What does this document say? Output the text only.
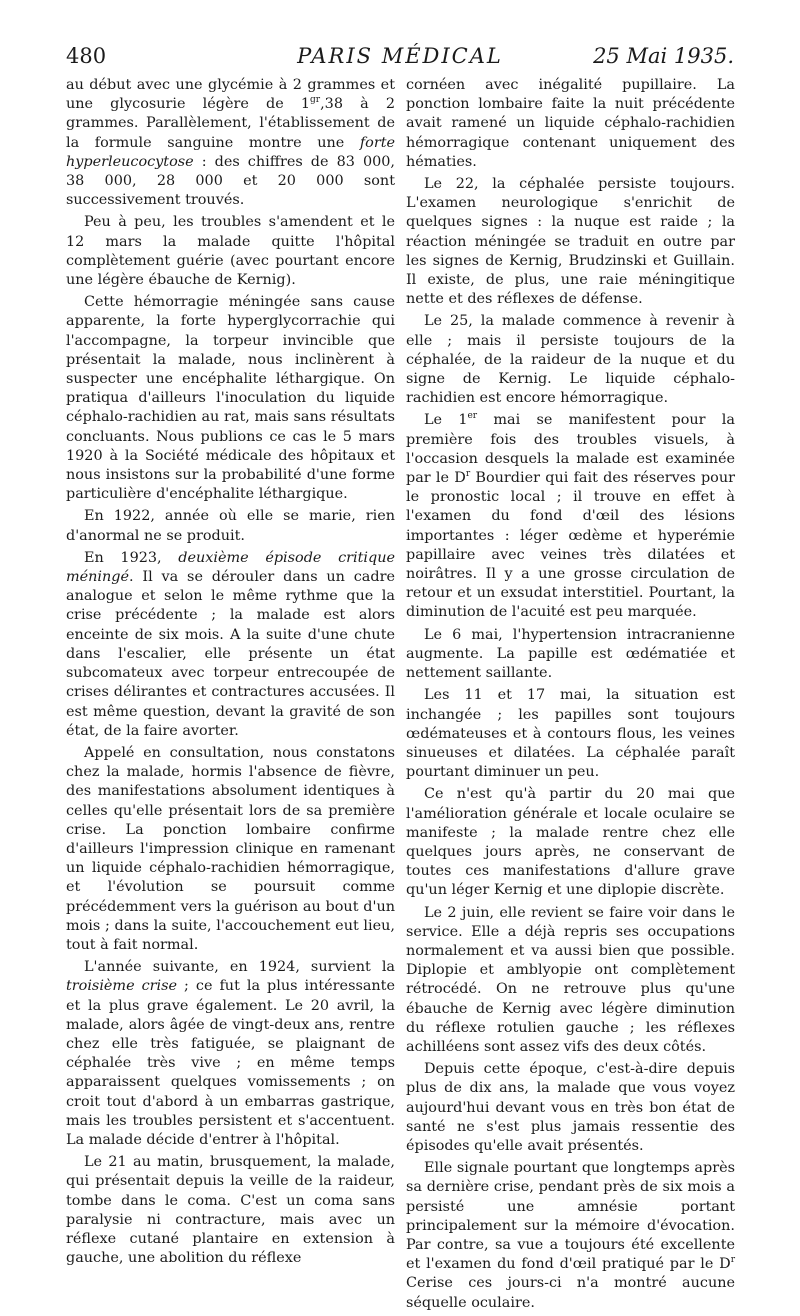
480	PARIS MÉDICAL	25 Mai 1935.

au début avec une glycémie à 2 grammes et une glycosurie légère de $1^{gr},38$ à 2 grammes. Parallèlement, l'établissement de la formule sanguine montre une forte hyperleucocytose : des chiffres de 83 000, 38 000, 28 000 et 20 000 sont successivement trouvés.

Peu à peu, les troubles s'amendent et le 12 mars la malade quitte l'hôpital complètement guérie (avec pourtant encore une légère ébauche de Kernig).

Cette hémorragie méningée sans cause apparente, la forte hyperglycorrachie qui l'accompagne, la torpeur invincible que présentait la malade, nous inclinèrent à suspecter une encéphalite léthargique. On pratiqua d'ailleurs l'inoculation du liquide céphalo-rachidien au rat, mais sans résultats concluants. Nous publions ce cas le 5 mars 1920 à la Société médicale des hôpitaux et nous insistons sur la probabilité d'une forme particulière d'encéphalite léthargique.

En 1922, année où elle se marie, rien d'anormal ne se produit.

En 1923, deuxième épisode critique méningé. Il va se dérouler dans un cadre analogue et selon le même rythme que la crise précédente ; la malade est alors enceinte de six mois. A la suite d'une chute dans l'escalier, elle présente un état subcomateux avec torpeur entrecoupée de crises délirantes et contractures accusées. Il est même question, devant la gravité de son état, de la faire avorter.

Appelé en consultation, nous constatons chez la malade, hormis l'absence de fièvre, des manifestations absolument identiques à celles qu'elle présentait lors de sa première crise. La ponction lombaire confirme d'ailleurs l'impression clinique en ramenant un liquide céphalo-rachidien hémorragique, et l'évolution se poursuit comme précédemment vers la guérison au bout d'un mois ; dans la suite, l'accouchement eut lieu, tout à fait normal.

L'année suivante, en 1924, survient la troisième crise ; ce fut la plus intéressante et la plus grave également. Le 20 avril, la malade, alors âgée de vingt-deux ans, rentre chez elle très fatiguée, se plaignant de céphalée très vive ; en même temps apparaissent quelques vomissements ; on croit tout d'abord à un embarras gastrique, mais les troubles persistent et s'accentuent. La malade décide d'entrer à l'hôpital.

Le 21 au matin, brusquement, la malade, qui présentait depuis la veille de la raideur, tombe dans le coma. C'est un coma sans paralysie ni contracture, mais avec un réflexe cutané plantaire en extension à gauche, une abolition du réflexe

cornéen avec inégalité pupillaire. La ponction lombaire faite la nuit précédente avait ramené un liquide céphalo-rachidien hémorragique contenant uniquement des hématies.

Le 22, la céphalée persiste toujours. L'examen neurologique s'enrichit de quelques signes : la nuque est raide ; la réaction méningée se traduit en outre par les signes de Kernig, Brudzinski et Guillain. Il existe, de plus, une raie méningitique nette et des réflexes de défense.

Le 25, la malade commence à revenir à elle ; mais il persiste toujours de la céphalée, de la raideur de la nuque et du signe de Kernig. Le liquide céphalo-rachidien est encore hémorragique.

Le 1er mai se manifestent pour la première fois des troubles visuels, à l'occasion desquels la malade est examinée par le $D^r$ Bourdier qui fait des réserves pour le pronostic local ; il trouve en effet à l'examen du fond d'œil des lésions importantes : léger œdème et hyperémie papillaire avec veines très dilatées et noirâtres. Il y a une grosse circulation de retour et un exsudat interstitiel. Pourtant, la diminution de l'acuité est peu marquée.

Le 6 mai, l'hypertension intracranienne augmente. La papille est œdématiée et nettement saillante.

Les 11 et 17 mai, la situation est inchangée ; les papilles sont toujours œdémateuses et à contours flous, les veines sinueuses et dilatées. La céphalée paraît pourtant diminuer un peu.

Ce n'est qu'à partir du 20 mai que l'amélioration générale et locale oculaire se manifeste ; la malade rentre chez elle quelques jours après, ne conservant de toutes ces manifestations d'allure grave qu'un léger Kernig et une diplopie discrète.

Le 2 juin, elle revient se faire voir dans le service. Elle a déjà repris ses occupations normalement et va aussi bien que possible. Diplopie et amblyopie ont complètement rétrocédé. On ne retrouve plus qu'une ébauche de Kernig avec légère diminution du réflexe rotulien gauche ; les réflexes achilléens sont assez vifs des deux côtés.

Depuis cette époque, c'est-à-dire depuis plus de dix ans, la malade que vous voyez aujourd'hui devant vous en très bon état de santé ne s'est plus jamais ressentie des épisodes qu'elle avait présentés.

Elle signale pourtant que longtemps après sa dernière crise, pendant près de six mois a persisté une amnésie portant principalement sur la mémoire d'évocation. Par contre, sa vue a toujours été excellente et l'examen du fond d'œil pratiqué par le $D^r$ Cerise ces jours-ci n'a montré aucune séquelle oculaire.
